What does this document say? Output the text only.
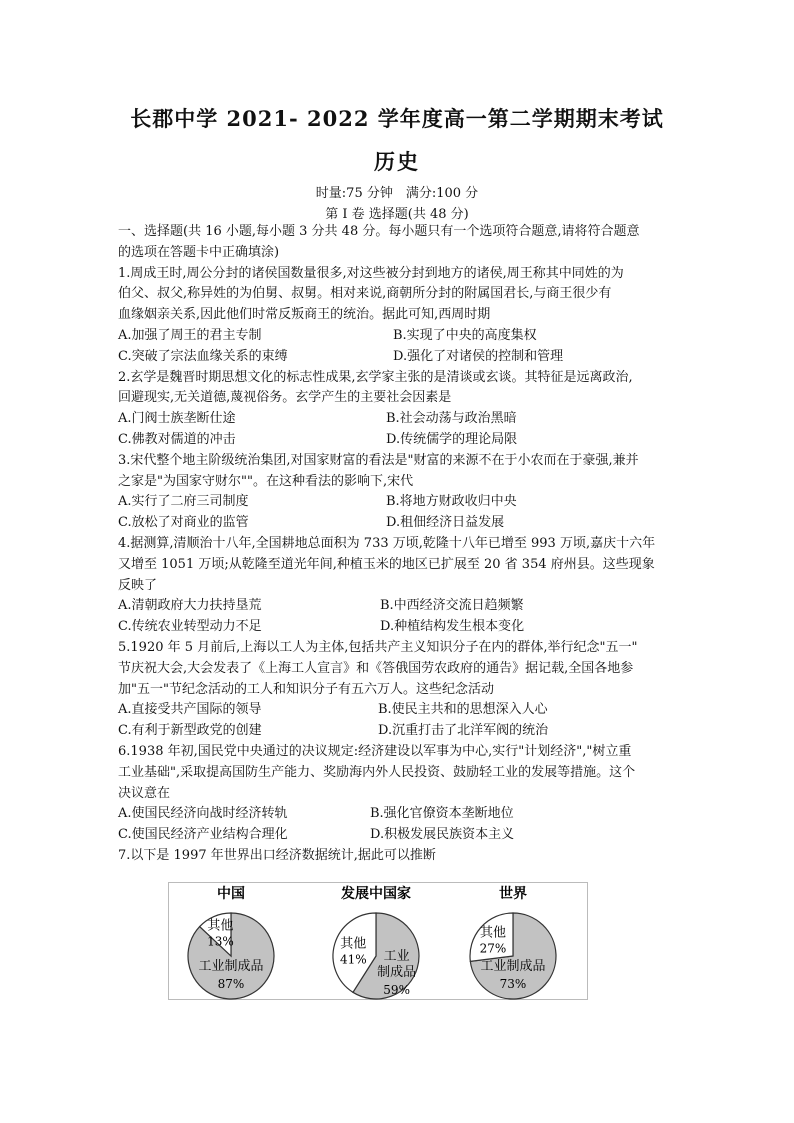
长郡中学 2021- 2022 学年度高一第二学期期末考试
历史
时量:75 分钟　满分:100 分
第 I 卷 选择题(共 48 分)
一、选择题(共 16 小题,每小题 3 分共 48 分。每小题只有一个选项符合题意,请将符合题意
的选项在答题卡中正确填涂)
1.周成王时,周公分封的诸侯国数量很多,对这些被分封到地方的诸侯,周王称其中同姓的为
伯父、叔父,称异姓的为伯舅、叔舅。相对来说,商朝所分封的附属国君长,与商王很少有
血缘姻亲关系,因此他们时常反叛商王的统治。据此可知,西周时期
A.加强了周王的君主专制	B.实现了中央的高度集权
C.突破了宗法血缘关系的束缚	D.强化了对诸侯的控制和管理
2.玄学是魏晋时期思想文化的标志性成果,玄学家主张的是清谈或玄谈。其特征是远离政治,
回避现实,无关道德,蔑视俗务。玄学产生的主要社会因素是
A.门阀士族垄断仕途	B.社会动荡与政治黑暗
C.佛教对儒道的冲击	D.传统儒学的理论局限
3.宋代整个地主阶级统治集团,对国家财富的看法是"财富的来源不在于小农而在于豪强,兼并
之家是"为国家守财尔""。在这种看法的影响下,宋代
A.实行了二府三司制度	B.将地方财政收归中央
C.放松了对商业的监管	D.租佃经济日益发展
4.据测算,清顺治十八年,全国耕地总面积为 733 万顷,乾隆十八年已增至 993 万顷,嘉庆十六年
又增至 1051 万顷;从乾隆至道光年间,种植玉米的地区已扩展至 20 省 354 府州县。这些现象
反映了
A.清朝政府大力扶持垦荒	B.中西经济交流日趋频繁
C.传统农业转型动力不足	D.种植结构发生根本变化
5.1920 年 5 月前后,上海以工人为主体,包括共产主义知识分子在内的群体,举行纪念"五一"
节庆祝大会,大会发表了《上海工人宣言》和《答俄国劳农政府的通告》据记载,全国各地参
加"五一"节纪念活动的工人和知识分子有五六万人。这些纪念活动
A.直接受共产国际的领导	B.使民主共和的思想深入人心
C.有利于新型政党的创建	D.沉重打击了北洋军阀的统治
6.1938 年初,国民党中央通过的决议规定:经济建设以军事为中心,实行"计划经济","树立重
工业基础",采取提高国防生产能力、奖励海内外人民投资、鼓励轻工业的发展等措施。这个
决议意在
A.使国民经济向战时经济转轨	B.强化官僚资本垄断地位
C.使国民经济产业结构合理化	D.积极发展民族资本主义
7.以下是 1997 年世界出口经济数据统计,据此可以推断
中国
其他
13%
工业制成品
87%
发展中国家
其他
41%
制成品
工业
59%
世界
其他
27%
工业制成品
73%
